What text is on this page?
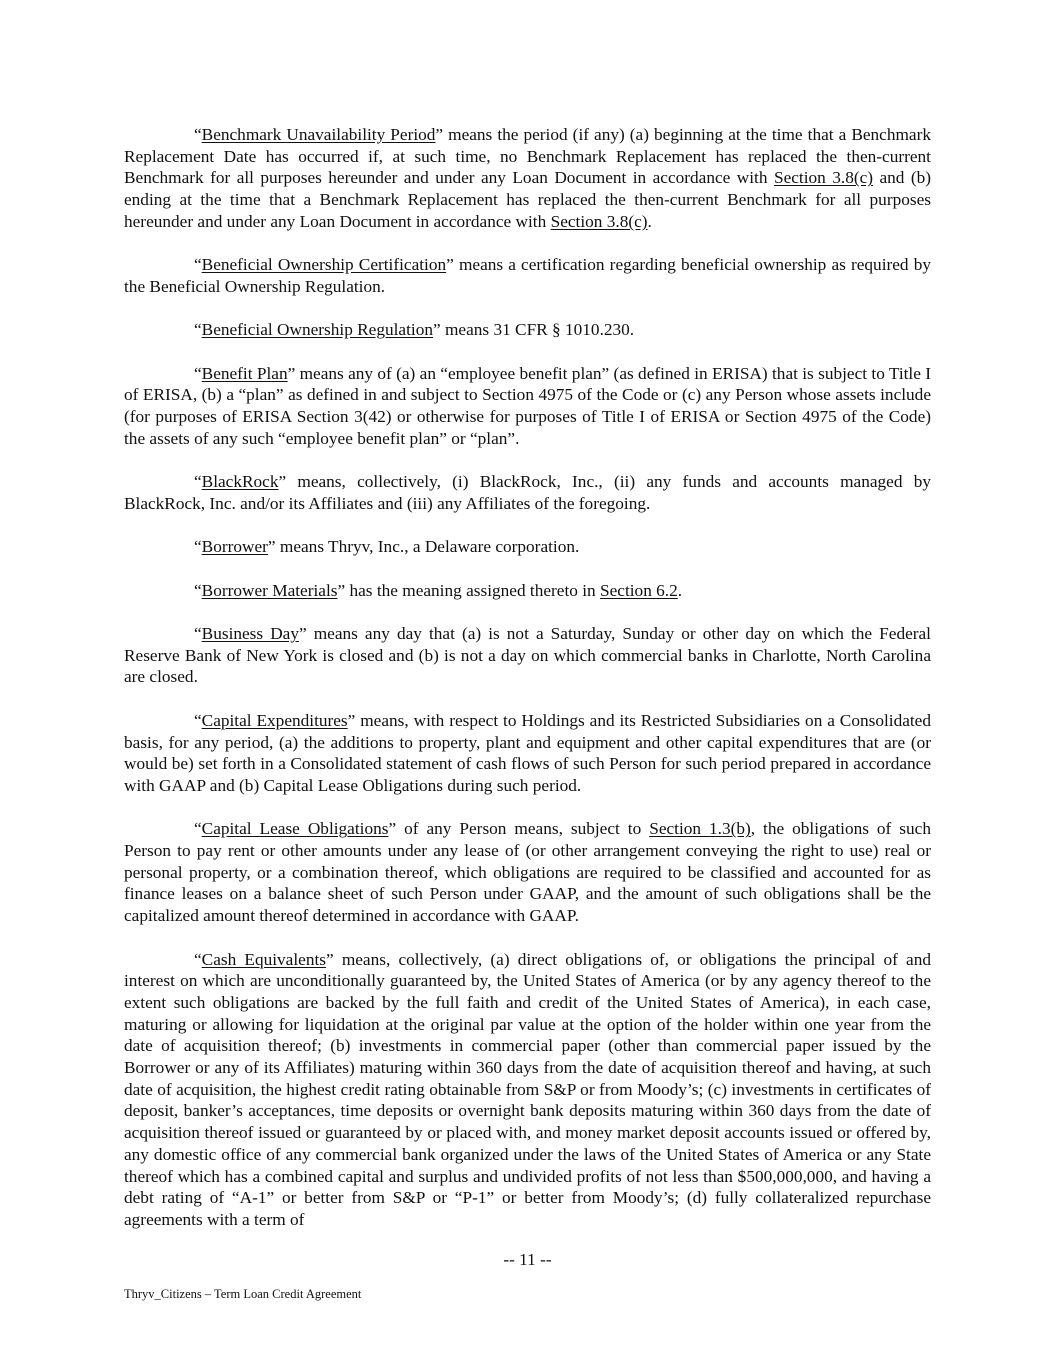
“Benchmark Unavailability Period” means the period (if any) (a) beginning at the time that a Benchmark Replacement Date has occurred if, at such time, no Benchmark Replacement has replaced the then-current Benchmark for all purposes hereunder and under any Loan Document in accordance with Section 3.8(c) and (b) ending at the time that a Benchmark Replacement has replaced the then-current Benchmark for all purposes hereunder and under any Loan Document in accordance with Section 3.8(c).

“Beneficial Ownership Certification” means a certification regarding beneficial ownership as required by the Beneficial Ownership Regulation.

“Beneficial Ownership Regulation” means 31 CFR § 1010.230.

“Benefit Plan” means any of (a) an “employee benefit plan” (as defined in ERISA) that is subject to Title I of ERISA, (b) a “plan” as defined in and subject to Section 4975 of the Code or (c) any Person whose assets include (for purposes of ERISA Section 3(42) or otherwise for purposes of Title I of ERISA or Section 4975 of the Code) the assets of any such “employee benefit plan” or “plan”.

“BlackRock” means, collectively, (i) BlackRock, Inc., (ii) any funds and accounts managed by BlackRock, Inc. and/or its Affiliates and (iii) any Affiliates of the foregoing.

“Borrower” means Thryv, Inc., a Delaware corporation.

“Borrower Materials” has the meaning assigned thereto in Section 6.2.

“Business Day” means any day that (a) is not a Saturday, Sunday or other day on which the Federal Reserve Bank of New York is closed and (b) is not a day on which commercial banks in Charlotte, North Carolina are closed.

“Capital Expenditures” means, with respect to Holdings and its Restricted Subsidiaries on a Consolidated basis, for any period, (a) the additions to property, plant and equipment and other capital expenditures that are (or would be) set forth in a Consolidated statement of cash flows of such Person for such period prepared in accordance with GAAP and (b) Capital Lease Obligations during such period.

“Capital Lease Obligations” of any Person means, subject to Section 1.3(b), the obligations of such Person to pay rent or other amounts under any lease of (or other arrangement conveying the right to use) real or personal property, or a combination thereof, which obligations are required to be classified and accounted for as finance leases on a balance sheet of such Person under GAAP, and the amount of such obligations shall be the capitalized amount thereof determined in accordance with GAAP.

“Cash Equivalents” means, collectively, (a) direct obligations of, or obligations the principal of and interest on which are unconditionally guaranteed by, the United States of America (or by any agency thereof to the extent such obligations are backed by the full faith and credit of the United States of America), in each case, maturing or allowing for liquidation at the original par value at the option of the holder within one year from the date of acquisition thereof; (b) investments in commercial paper (other than commercial paper issued by the Borrower or any of its Affiliates) maturing within 360 days from the date of acquisition thereof and having, at such date of acquisition, the highest credit rating obtainable from S&P or from Moody’s; (c) investments in certificates of deposit, banker’s acceptances, time deposits or overnight bank deposits maturing within 360 days from the date of acquisition thereof issued or guaranteed by or placed with, and money market deposit accounts issued or offered by, any domestic office of any commercial bank organized under the laws of the United States of America or any State thereof which has a combined capital and surplus and undivided profits of not less than $500,000,000, and having a debt rating of “A-1” or better from S&P or “P-1” or better from Moody’s; (d) fully collateralized repurchase agreements with a term of

-- 11 --
Thryv_Citizens – Term Loan Credit Agreement
